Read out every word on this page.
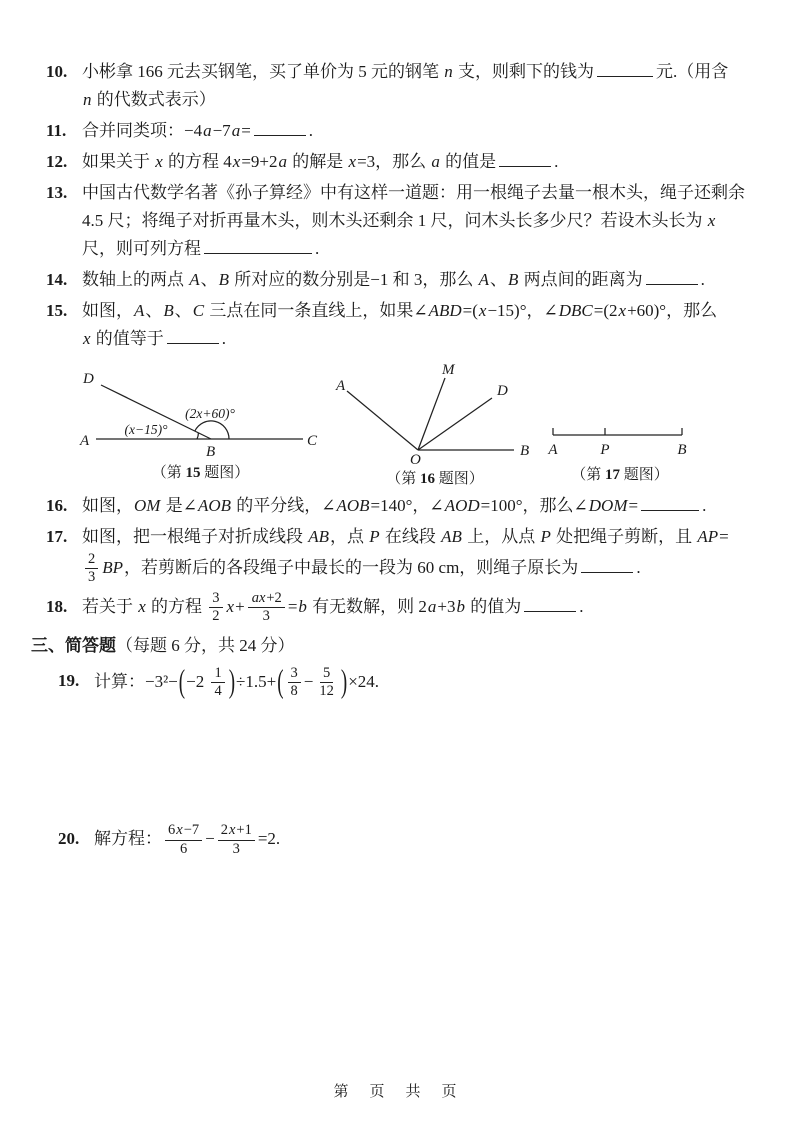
10. 小彬拿 166 元去买钢笔，买了单价为 5 元的钢笔 n 支，则剩下的钱为	元.（用含
n 的代数式表示）
11. 合并同类项：−4a−7a=	.
12. 如果关于 x 的方程 4x=9+2a 的解是 x=3，那么 a 的值是	.
13. 中国古代数学名著《孙子算经》中有这样一道题：用一根绳子去量一根木头，绳子还剩余
4.5 尺；将绳子对折再量木头，则木头还剩余 1 尺，问木头长多少尺？若设木头长为 x
尺，则可列方程	.
14. 数轴上的两点 A、B 所对应的数分别是−1 和 3，那么 A、B 两点间的距离为	.
15. 如图，A、B、C 三点在同一条直线上，如果∠ABD=(x−15)°，∠DBC=(2x+60)°，那么
x 的值等于	.
A	C
B
D
(x−15)°
(2x+60)°
（第 15 题图）
A
M
D
O
B
（第 16 题图）
A	P	B
（第 17 题图）
16. 如图，OM 是∠AOB 的平分线，∠AOB=140°，∠AOD=100°，那么∠DOM=	.
17. 如图，把一根绳子对折成线段 AB，点 P 在线段 AB 上，从点 P 处把绳子剪断，且 AP=
$\frac{2}{3}$ BP，若剪断后的各段绳子中最长的一段为 60 cm，则绳子原长为	.
18. 若关于 x 的方程 $\frac{3}{2} x+ \frac{ax+2}{3} =b$ 有无数解，则 2a+3b 的值为	.
三、简答题（每题 6 分，共 24 分）
19. 计算：$-3^2-(-2 \frac{1}{4} )\div 1.5+( \frac{3}{8} - \frac{5}{12} )\times 24$.
20. 解方程： $\frac{6x-7}{6} - \frac{2x+1}{3} =2$.
第　页　共　页
